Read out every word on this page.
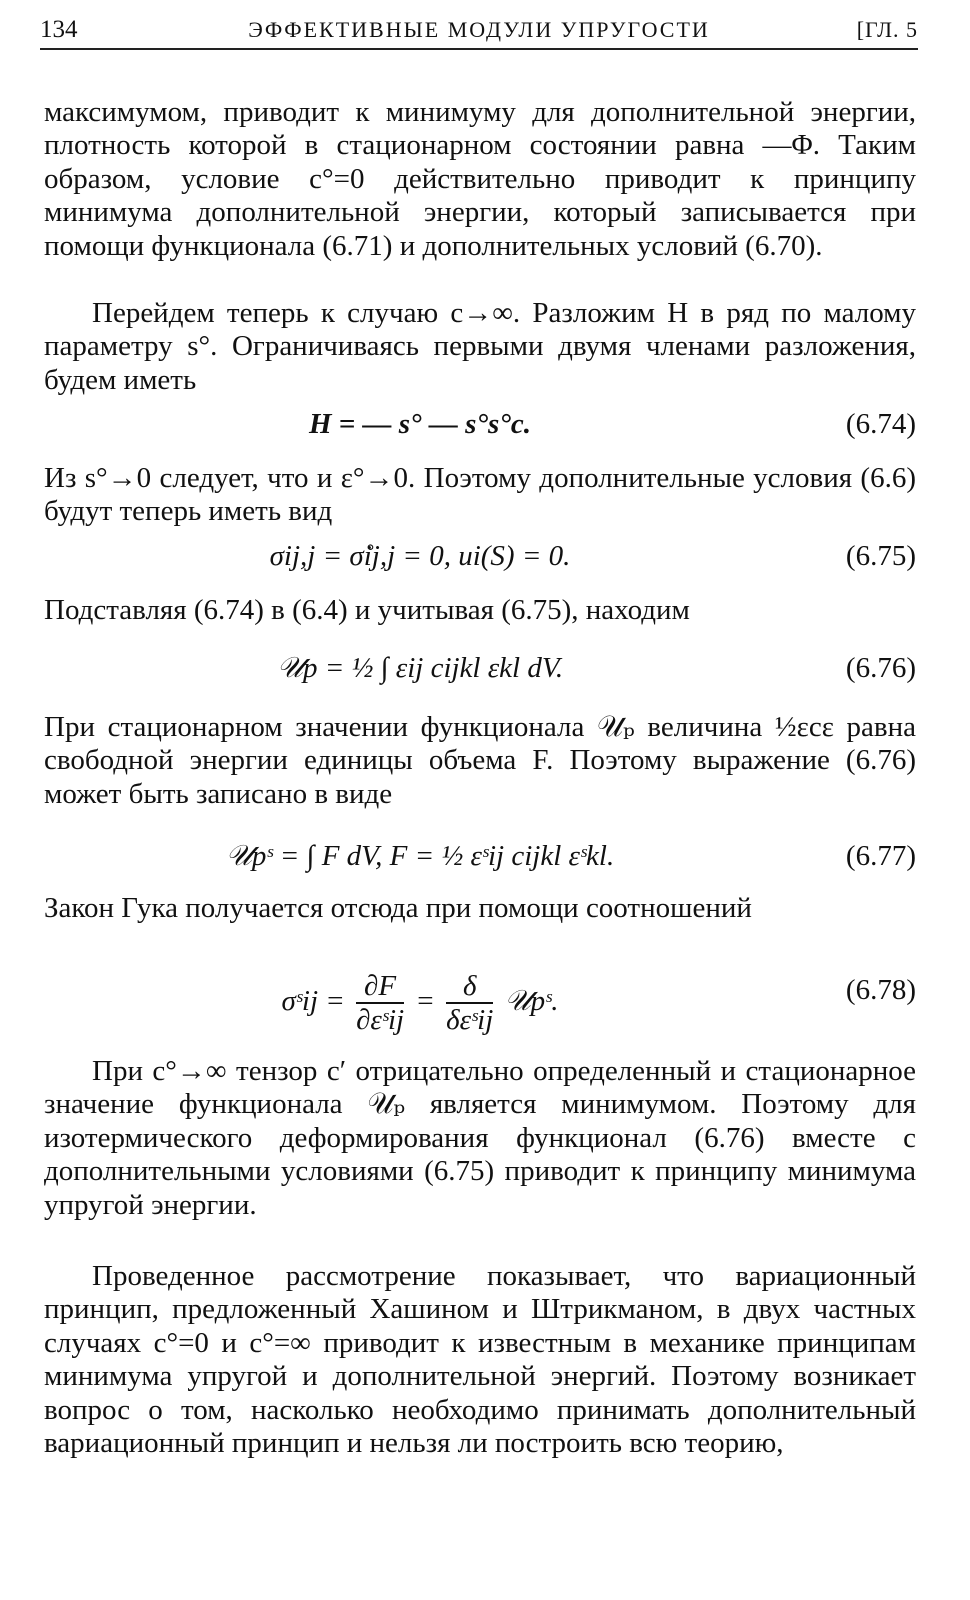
134	ЭФФЕКТИВНЫЕ МОДУЛИ УПРУГОСТИ	[ГЛ. 5

максимумом, приводит к минимуму для дополнительной энергии, плотность которой в стационарном состоянии равна —Φ. Таким образом, условие c°=0 действительно приводит к принципу минимума дополнительной энергии, который записывается при помощи функционала (6.71) и дополнительных условий (6.70).

Перейдем теперь к случаю c→∞. Разложим H в ряд по малому параметру s°. Ограничиваясь первыми двумя членами разложения, будем иметь

H = — s° — s°s°c.	(6.74)

Из s°→0 следует, что и ε°→0. Поэтому дополнительные условия (6.6) будут теперь иметь вид

σij,j = σ̊ij,j = 0, ui(S) = 0.	(6.75)

Подставляя (6.74) в (6.4) и учитывая (6.75), находим

𝒰p = ½ ∫ εij cijkl εkl dV.	(6.76)

При стационарном значении функционала 𝒰ₚ величина ½εcε равна свободной энергии единицы объема F. Поэтому выражение (6.76) может быть записано в виде

𝒰pˢ = ∫ F dV, F = ½ εˢij cijkl εˢkl.	(6.77)

Закон Гука получается отсюда при помощи соотношений

σˢij = $\frac{\partial F}{\text{∂εˢij}} = \frac{\delta}{\text{δεˢij}}$ 𝒰pˢ.	(6.78)

При c°→∞ тензор c′ отрицательно определенный и стационарное значение функционала 𝒰ₚ является минимумом. Поэтому для изотермического деформирования функционал (6.76) вместе с дополнительными условиями (6.75) приводит к принципу минимума упругой энергии.

Проведенное рассмотрение показывает, что вариационный принцип, предложенный Хашином и Штрикманом, в двух частных случаях c°=0 и c°=∞ приводит к известным в механике принципам минимума упругой и дополнительной энергий. Поэтому возникает вопрос о том, насколько необходимо принимать дополнительный вариационный принцип и нельзя ли построить всю теорию,
